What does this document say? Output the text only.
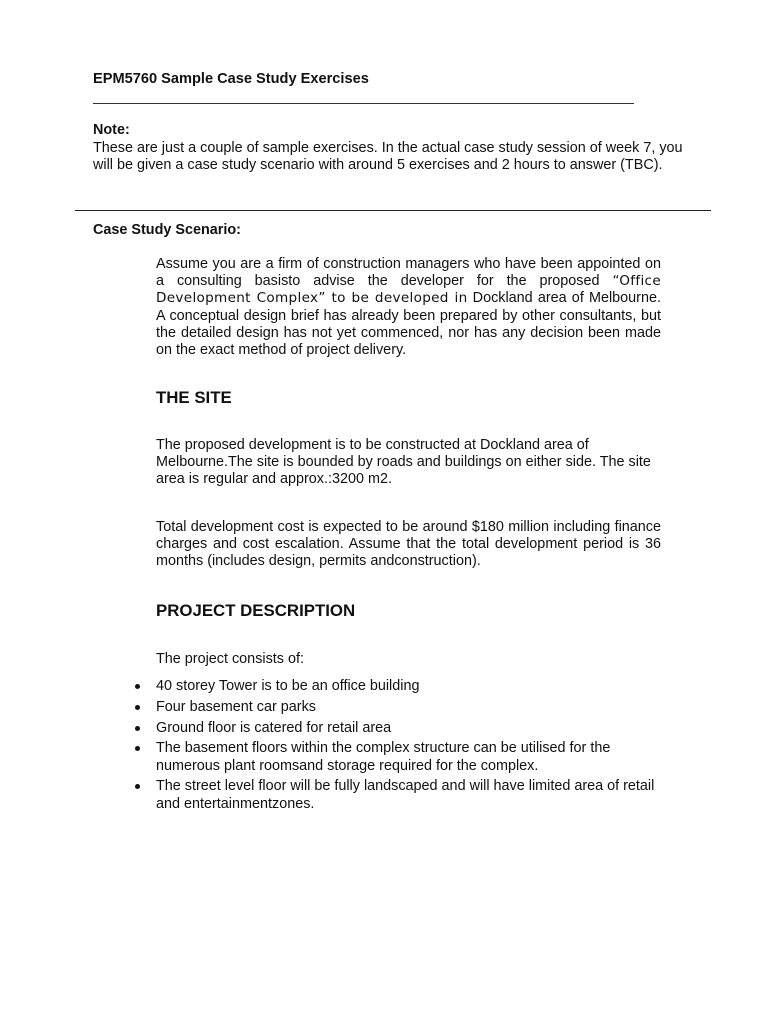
EPM5760 Sample Case Study Exercises
Note:
These are just a couple of sample exercises. In the actual case study session of week 7, you will be given a case study scenario with around 5 exercises and 2 hours to answer (TBC).
Case Study Scenario:

Assume you are a firm of construction managers who have been appointed on a consulting basisto advise the developer for the proposed “Office Development Complex” to be developed in Dockland area of Melbourne. A conceptual design brief has already been prepared by other consultants, but the detailed design has not yet commenced, nor has any decision been made on the exact method of project delivery.

THE SITE

The proposed development is to be constructed at Dockland area of Melbourne.The site is bounded by roads and buildings on either side. The site area is regular and approx.:3200 m2.

Total development cost is expected to be around $180 million including finance charges and cost escalation. Assume that the total development period is 36 months (includes design, permits andconstruction).

PROJECT DESCRIPTION

The project consists of:

40 storey Tower is to be an office building
Four basement car parks
Ground floor is catered for retail area
The basement floors within the complex structure can be utilised for the numerous plant roomsand storage required for the complex.
The street level floor will be fully landscaped and will have limited area of retail and entertainmentzones.
